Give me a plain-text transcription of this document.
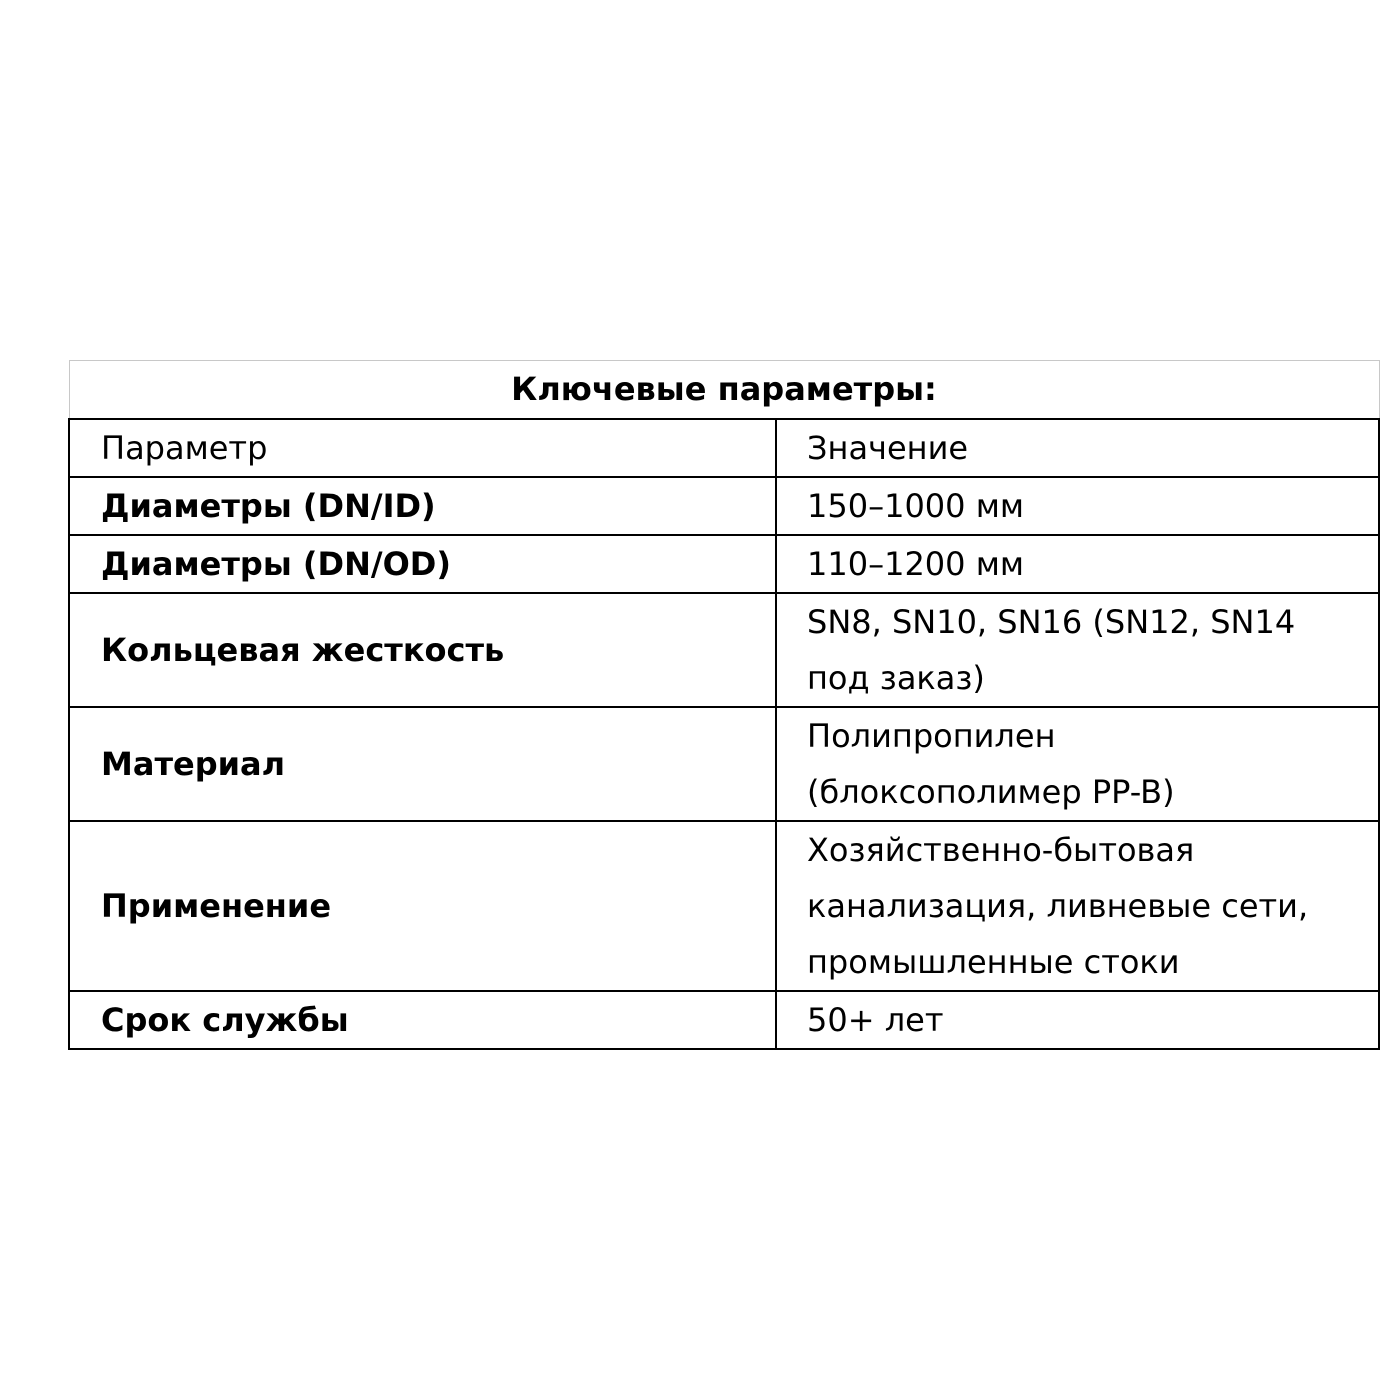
Ключевые параметры:	
Параметр	Значение
Диаметры (DN/ID)	150–1000 мм

Диаметры (DN/OD)	110–1200 мм

Кольцевая жесткость	SN8, SN10, SN16 (SN12, SN14
под заказ)

Материал	Полипропилен
(блоксополимер PP-B)

Применение	Хозяйственно-бытовая
канализация, ливневые сети,
промышленные стоки

Срок службы	50+ лет
